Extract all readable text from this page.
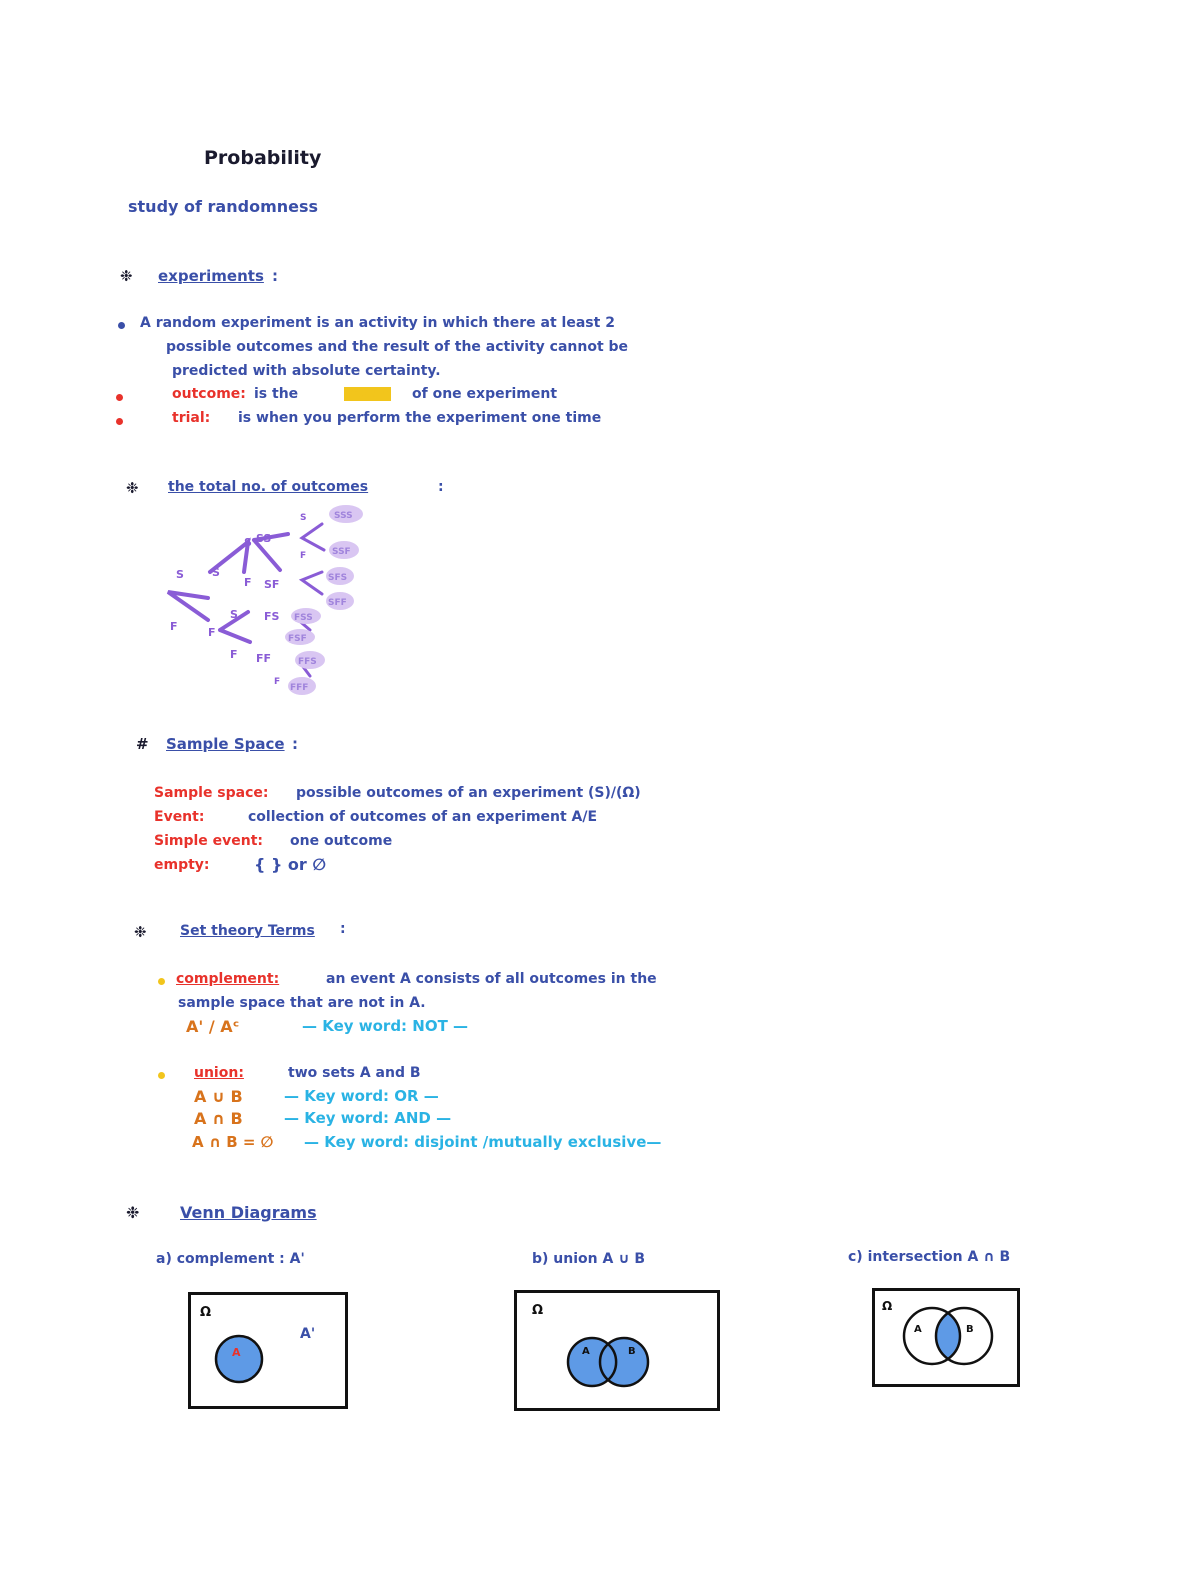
Probability
study of randomness
❉ experiments :
A random experiment is an activity in which there at least 2
possible outcomes and the result of the activity cannot be
predicted with absolute certainty.
outcome: is the	result of one experiment
trial: is when you perform the experiment one time
❉ the total no. of outcomes	:
S
F
S
F
S SS
F SF
S FS
F FF
S
F
F
SSS
SSF
SFS
SFF
FSS
FSF
FFS
FFF
# Sample Space :
Sample space: possible outcomes of an experiment (S)/(Ω)
Event:	collection of outcomes of an experiment A/E
Simple event: one outcome
empty:	{ } or ∅
❉ Set theory Terms :
complement:	an event A consists of all outcomes in the
sample space that are not in A.
A' / Aᶜ	— Key word: NOT —
union:	two sets A and B
A ∪ B	— Key word: OR —
A ∩ B	— Key word: AND —
A ∩ B = ∅ — Key word: disjoint /mutually exclusive—
❉	Venn Diagrams
a) complement : A'	b) union A ∪ B	c) intersection A ∩ B
Ω
A
A'
Ω
A	B
Ω
A	B
